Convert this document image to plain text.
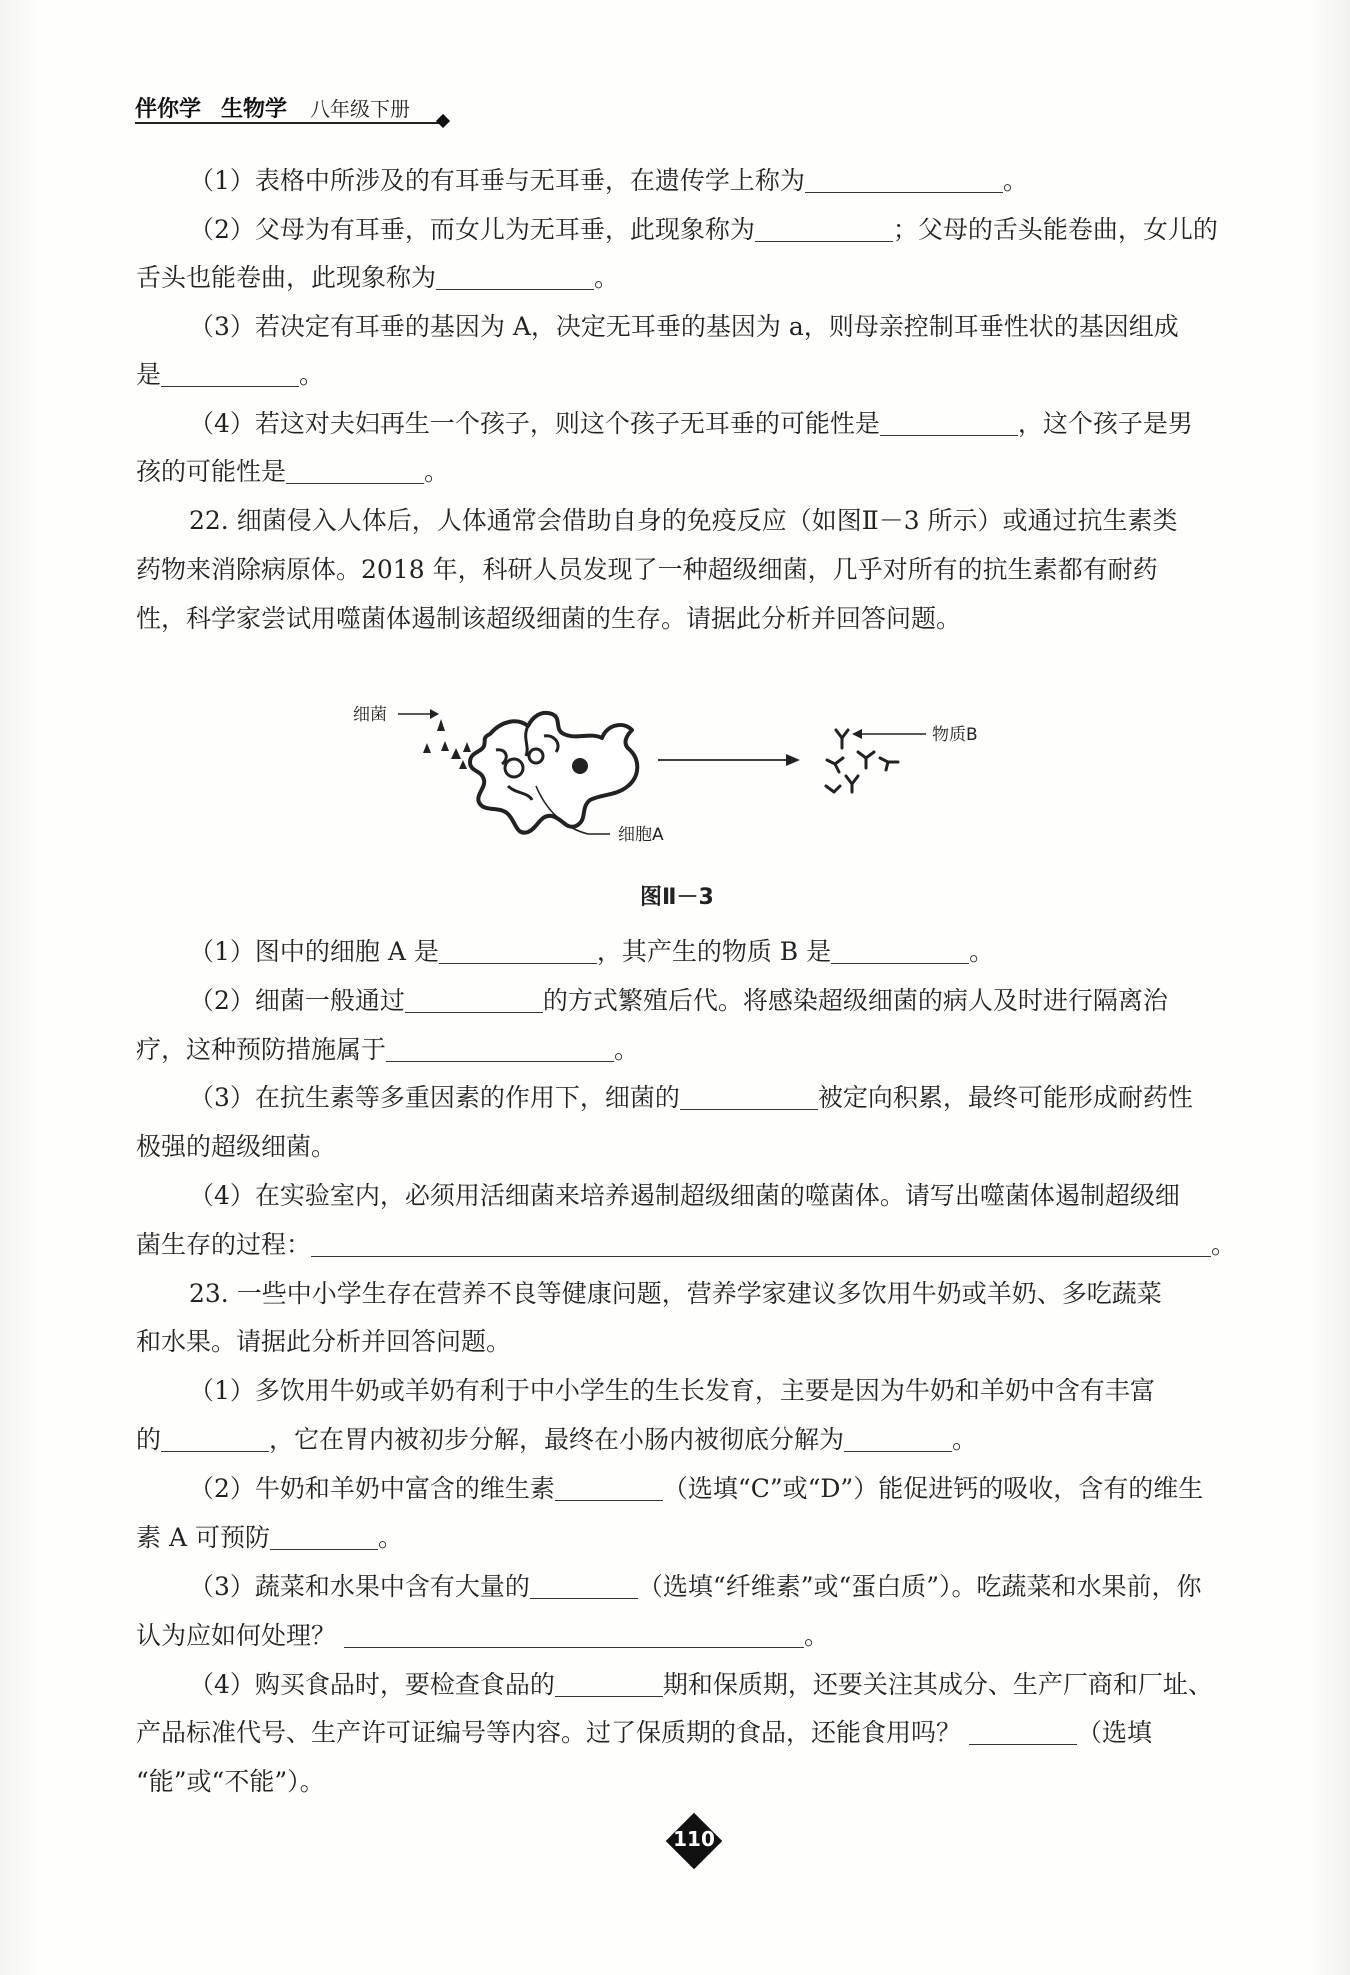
伴你学 生物学 八年级下册
（1）表格中所涉及的有耳垂与无耳垂，在遗传学上称为	。
（2）父母为有耳垂，而女儿为无耳垂，此现象称为	；父母的舌头能卷曲，女儿的
舌头也能卷曲，此现象称为	。
（3）若决定有耳垂的基因为 A，决定无耳垂的基因为 a，则母亲控制耳垂性状的基因组成
是	。
（4）若这对夫妇再生一个孩子，则这个孩子无耳垂的可能性是	，这个孩子是男
孩的可能性是	。
22. 细菌侵入人体后，人体通常会借助自身的免疫反应（如图Ⅱ－3 所示）或通过抗生素类
药物来消除病原体。2018 年，科研人员发现了一种超级细菌，几乎对所有的抗生素都有耐药
性，科学家尝试用噬菌体遏制该超级细菌的生存。请据此分析并回答问题。
细菌
细胞A
物质B
图Ⅱ－3
（1）图中的细胞 A 是	，其产生的物质 B 是	。
（2）细菌一般通过	的方式繁殖后代。将感染超级细菌的病人及时进行隔离治
疗，这种预防措施属于	。
（3）在抗生素等多重因素的作用下，细菌的	被定向积累，最终可能形成耐药性
极强的超级细菌。
（4）在实验室内，必须用活细菌来培养遏制超级细菌的噬菌体。请写出噬菌体遏制超级细
菌生存的过程：	。
23. 一些中小学生存在营养不良等健康问题，营养学家建议多饮用牛奶或羊奶、多吃蔬菜
和水果。请据此分析并回答问题。
（1）多饮用牛奶或羊奶有利于中小学生的生长发育，主要是因为牛奶和羊奶中含有丰富
的	，它在胃内被初步分解，最终在小肠内被彻底分解为	。
（2）牛奶和羊奶中富含的维生素	（选填“C”或“D”）能促进钙的吸收，含有的维生
素 A 可预防	。
（3）蔬菜和水果中含有大量的	（选填“纤维素”或“蛋白质”）。吃蔬菜和水果前，你
认为应如何处理？	。
（4）购买食品时，要检查食品的	期和保质期，还要关注其成分、生产厂商和厂址、
产品标准代号、生产许可证编号等内容。过了保质期的食品，还能食用吗？	（选填
“能”或“不能”）。
110
